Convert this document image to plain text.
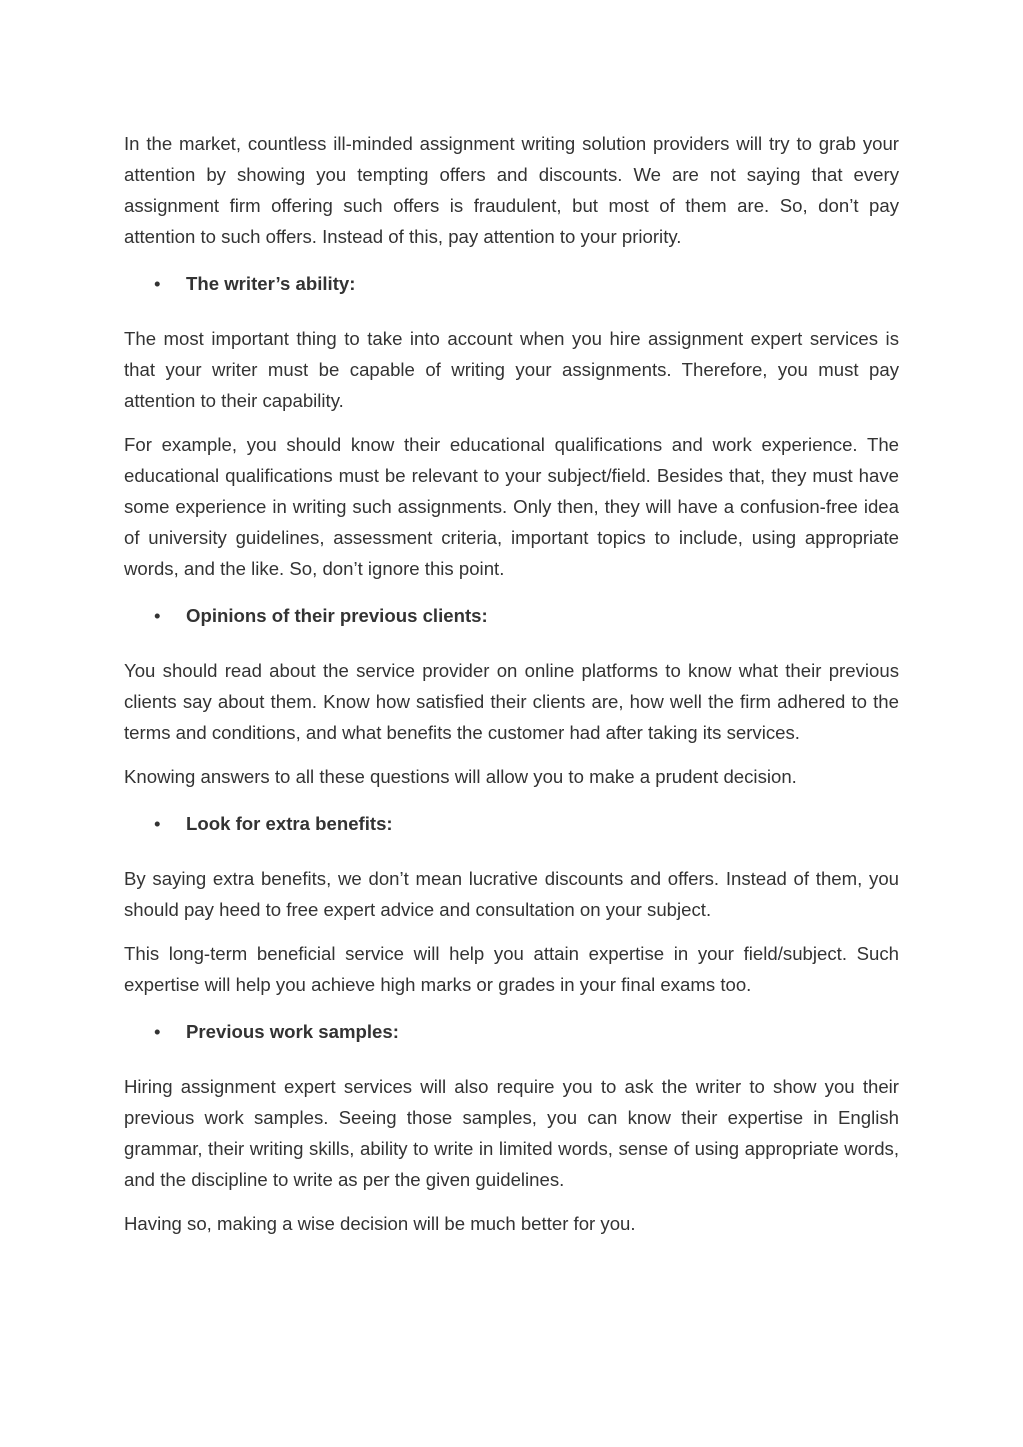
In the market, countless ill-minded assignment writing solution providers will try to grab your attention by showing you tempting offers and discounts. We are not saying that every assignment firm offering such offers is fraudulent, but most of them are. So, don’t pay attention to such offers. Instead of this, pay attention to your priority.

• The writer’s ability:

The most important thing to take into account when you hire assignment expert services is that your writer must be capable of writing your assignments. Therefore, you must pay attention to their capability.

For example, you should know their educational qualifications and work experience. The educational qualifications must be relevant to your subject/field. Besides that, they must have some experience in writing such assignments. Only then, they will have a confusion-free idea of university guidelines, assessment criteria, important topics to include, using appropriate words, and the like. So, don’t ignore this point.

• Opinions of their previous clients:

You should read about the service provider on online platforms to know what their previous clients say about them. Know how satisfied their clients are, how well the firm adhered to the terms and conditions, and what benefits the customer had after taking its services.

Knowing answers to all these questions will allow you to make a prudent decision.

• Look for extra benefits:

By saying extra benefits, we don’t mean lucrative discounts and offers. Instead of them, you should pay heed to free expert advice and consultation on your subject.

This long-term beneficial service will help you attain expertise in your field/subject. Such expertise will help you achieve high marks or grades in your final exams too.

• Previous work samples:

Hiring assignment expert services will also require you to ask the writer to show you their previous work samples. Seeing those samples, you can know their expertise in English grammar, their writing skills, ability to write in limited words, sense of using appropriate words, and the discipline to write as per the given guidelines.

Having so, making a wise decision will be much better for you.
